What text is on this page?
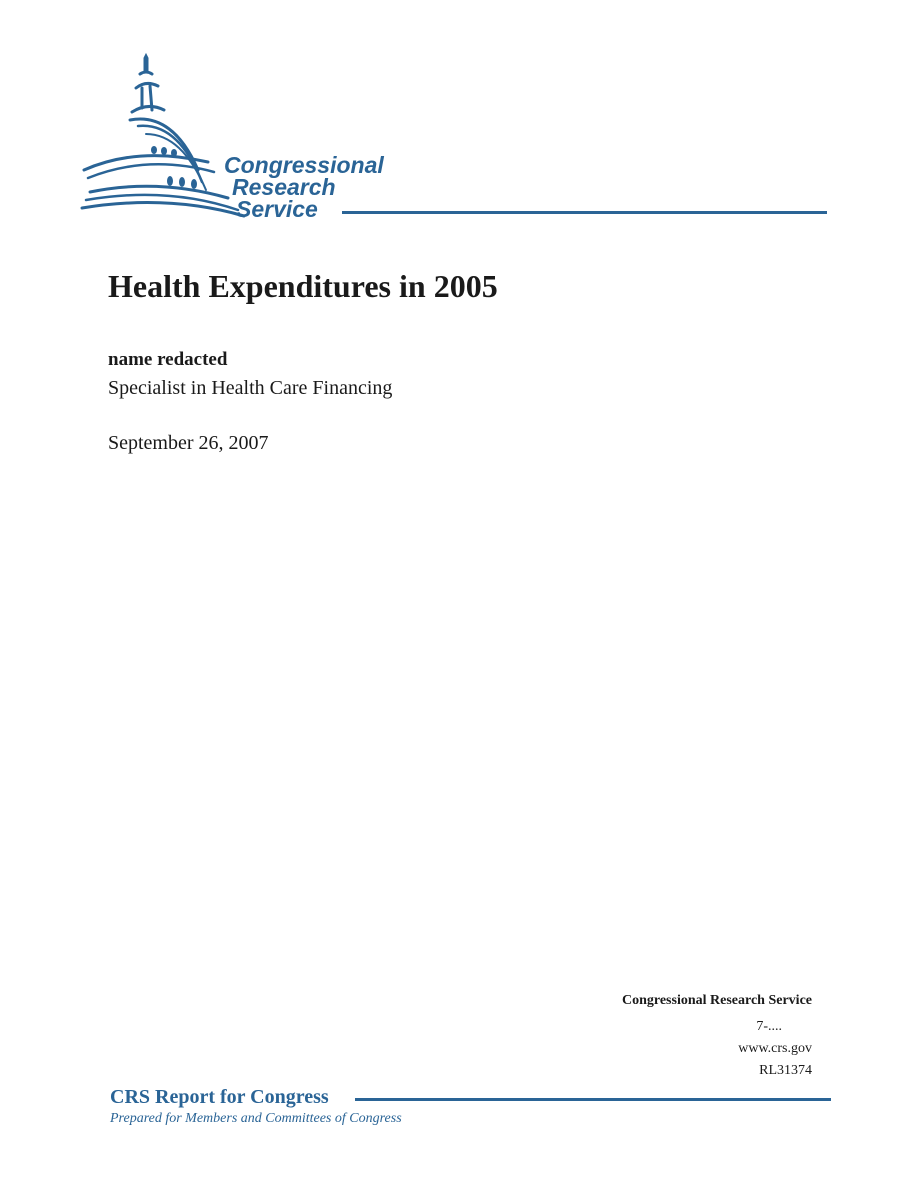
Congressional
Research
Service
Health Expenditures in 2005
name redacted
Specialist in Health Care Financing
September 26, 2007
Congressional Research Service
7-....
www.crs.gov
RL31374
CRS Report for Congress
Prepared for Members and Committees of Congress
